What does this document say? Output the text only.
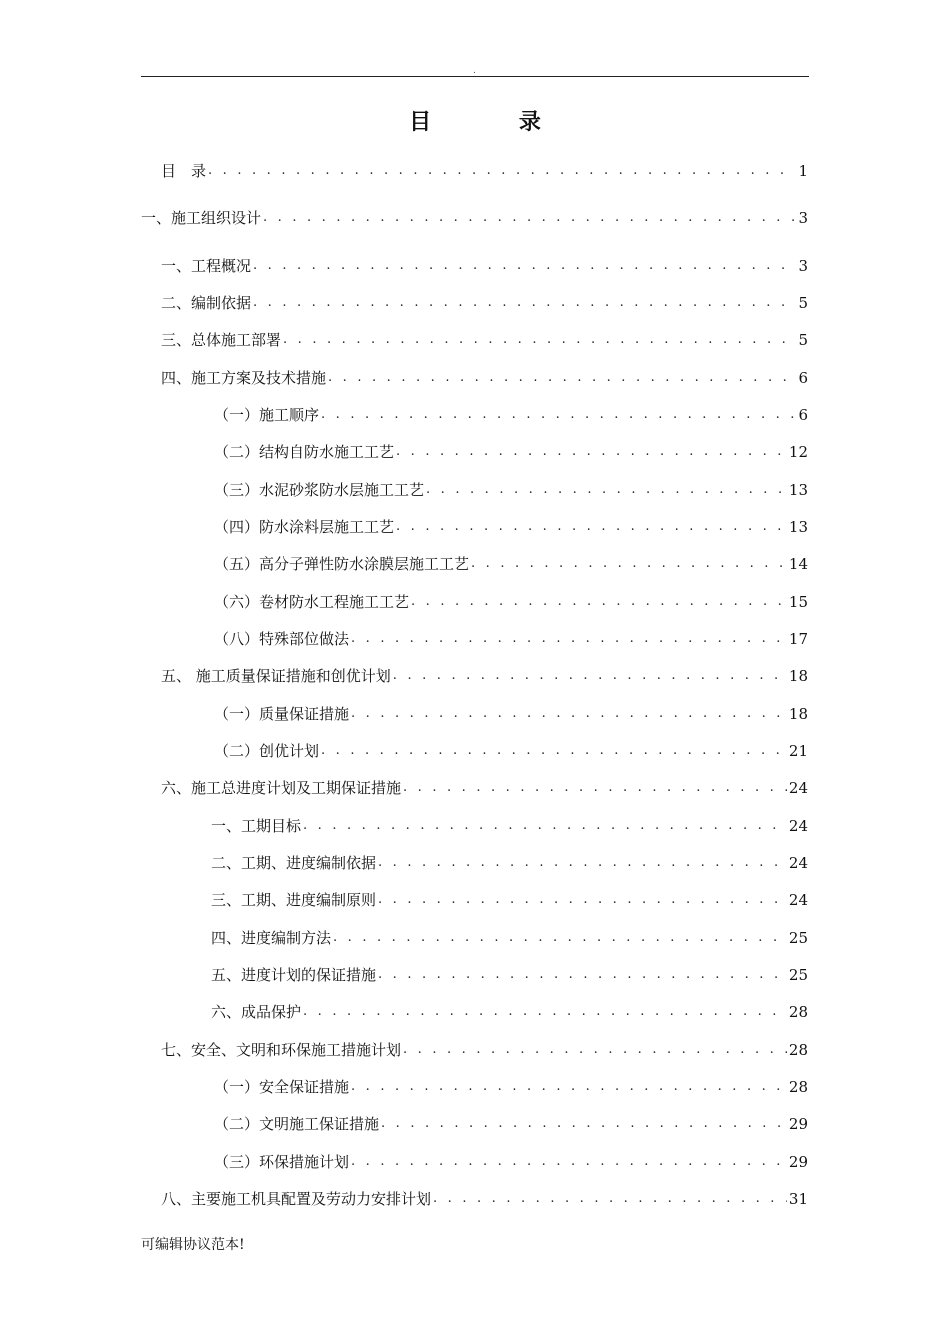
.
目 录
目　录 . . .	1
一、施工组织设计 . . .	3
一、工程概况 . . .	3
二、编制依据 . . .	5
三、总体施工部署 . . .	5
四、施工方案及技术措施 . . .	6
（一）施工顺序 . . .	6
（二）结构自防水施工工艺 . . .	12
（三）水泥砂浆防水层施工工艺 . . .	13
（四）防水涂料层施工工艺 . . .	13
（五）高分子弹性防水涂膜层施工工艺 . . .	14
（六）卷材防水工程施工工艺 . . .	15
（八）特殊部位做法 . . .	17
五、 施工质量保证措施和创优计划 . . .	18
（一）质量保证措施 . . .	18
（二）创优计划 . . .	21
六、施工总进度计划及工期保证措施 . . .	24
一、工期目标 . . .	24
二、工期、进度编制依据 . . .	24
三、工期、进度编制原则 . . .	24
四、进度编制方法 . . .	25
五、进度计划的保证措施 . . .	25
六、成品保护 . . .	28
七、安全、文明和环保施工措施计划 . . .	28
（一）安全保证措施 . . .	28
（二）文明施工保证措施 . . .	29
（三）环保措施计划 . . .	29
八、主要施工机具配置及劳动力安排计划 . . .	31
可编辑协议范本!
